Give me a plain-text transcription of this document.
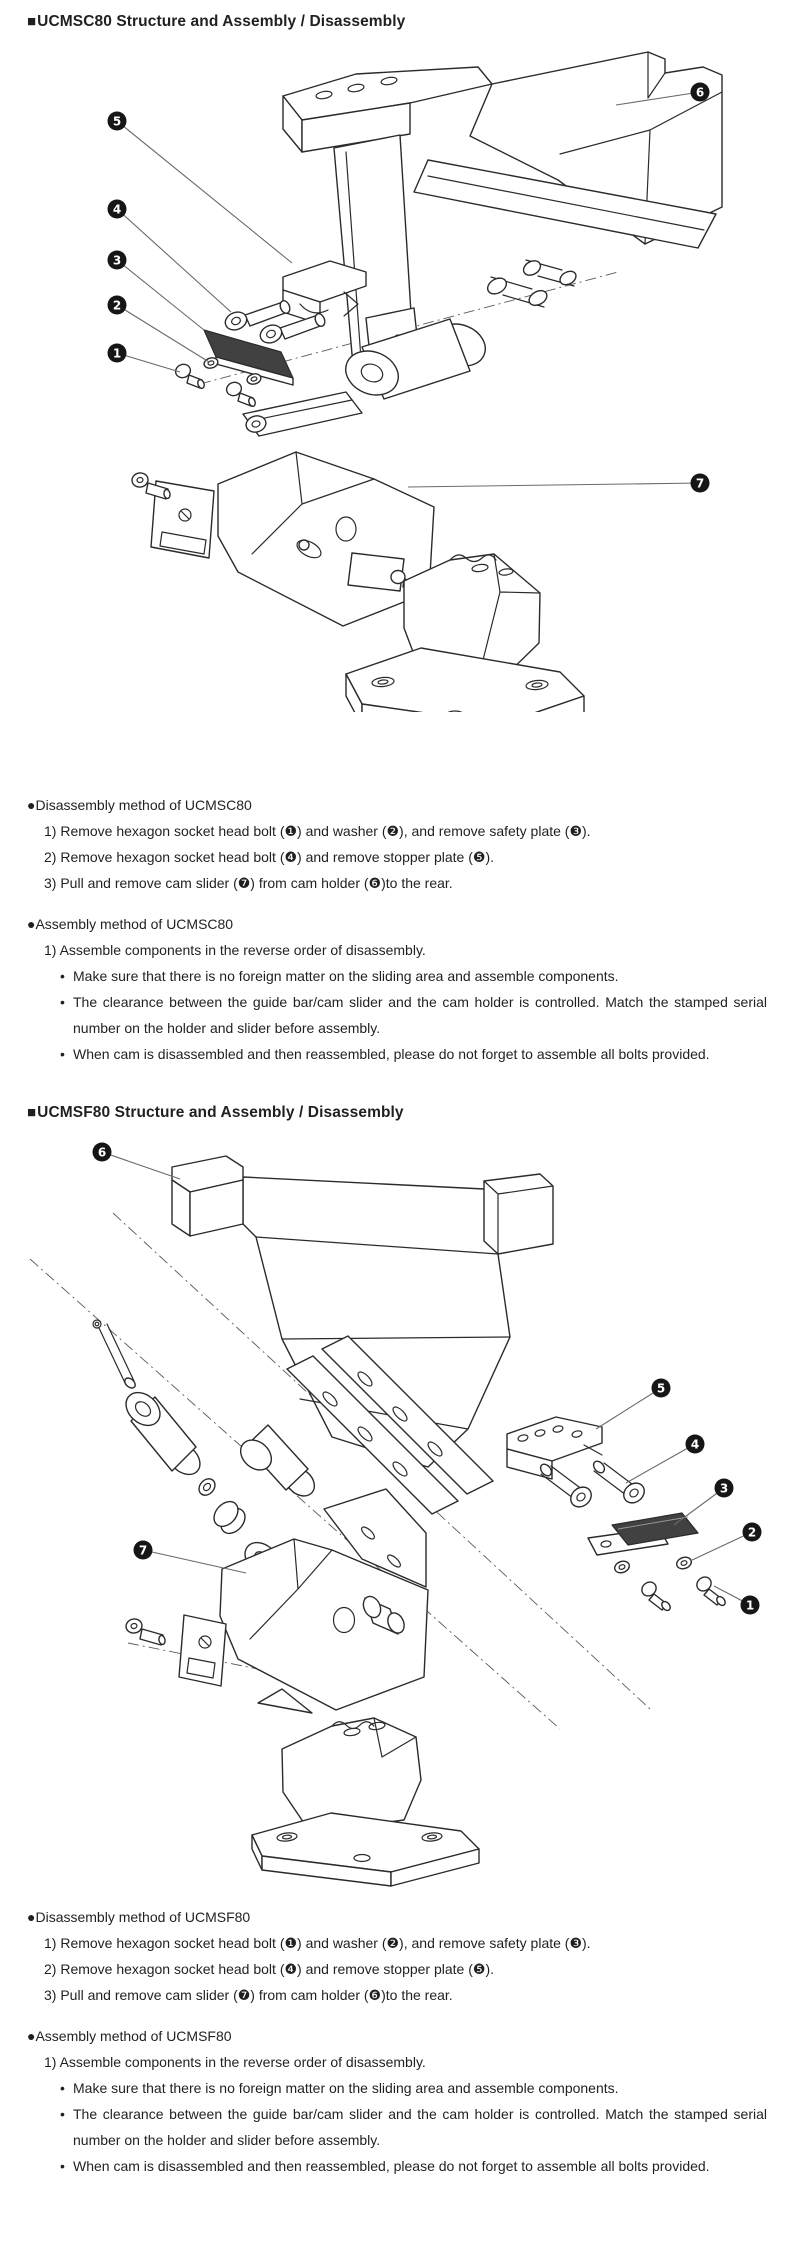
■UCMSC80 Structure and Assembly / Disassembly
5
4
3
2
1
6
7

●Disassembly method of UCMSC80

1) Remove hexagon socket head bolt (❶) and washer (❷), and remove safety plate (❸).

2) Remove hexagon socket head bolt (❹) and remove stopper plate (❺).

3) Pull and remove cam slider (❼) from cam holder (❻)to the rear.

●Assembly method of UCMSC80

1) Assemble components in the reverse order of disassembly.

• Make sure that there is no foreign matter on the sliding area and assemble components.
• The clearance between the guide bar/cam slider and the cam holder is controlled. Match the stamped serial number on the holder and slider before assembly.
• When cam is disassembled and then reassembled, please do not forget to assemble all bolts provided.
■UCMSF80 Structure and Assembly / Disassembly
6
5
4
3
2
1
7

●Disassembly method of UCMSF80

1) Remove hexagon socket head bolt (❶) and washer (❷), and remove safety plate (❸).

2) Remove hexagon socket head bolt (❹) and remove stopper plate (❺).

3) Pull and remove cam slider (❼) from cam holder (❻)to the rear.

●Assembly method of UCMSF80

1) Assemble components in the reverse order of disassembly.

• Make sure that there is no foreign matter on the sliding area and assemble components.
• The clearance between the guide bar/cam slider and the cam holder is controlled. Match the stamped serial number on the holder and slider before assembly.
• When cam is disassembled and then reassembled, please do not forget to assemble all bolts provided.
